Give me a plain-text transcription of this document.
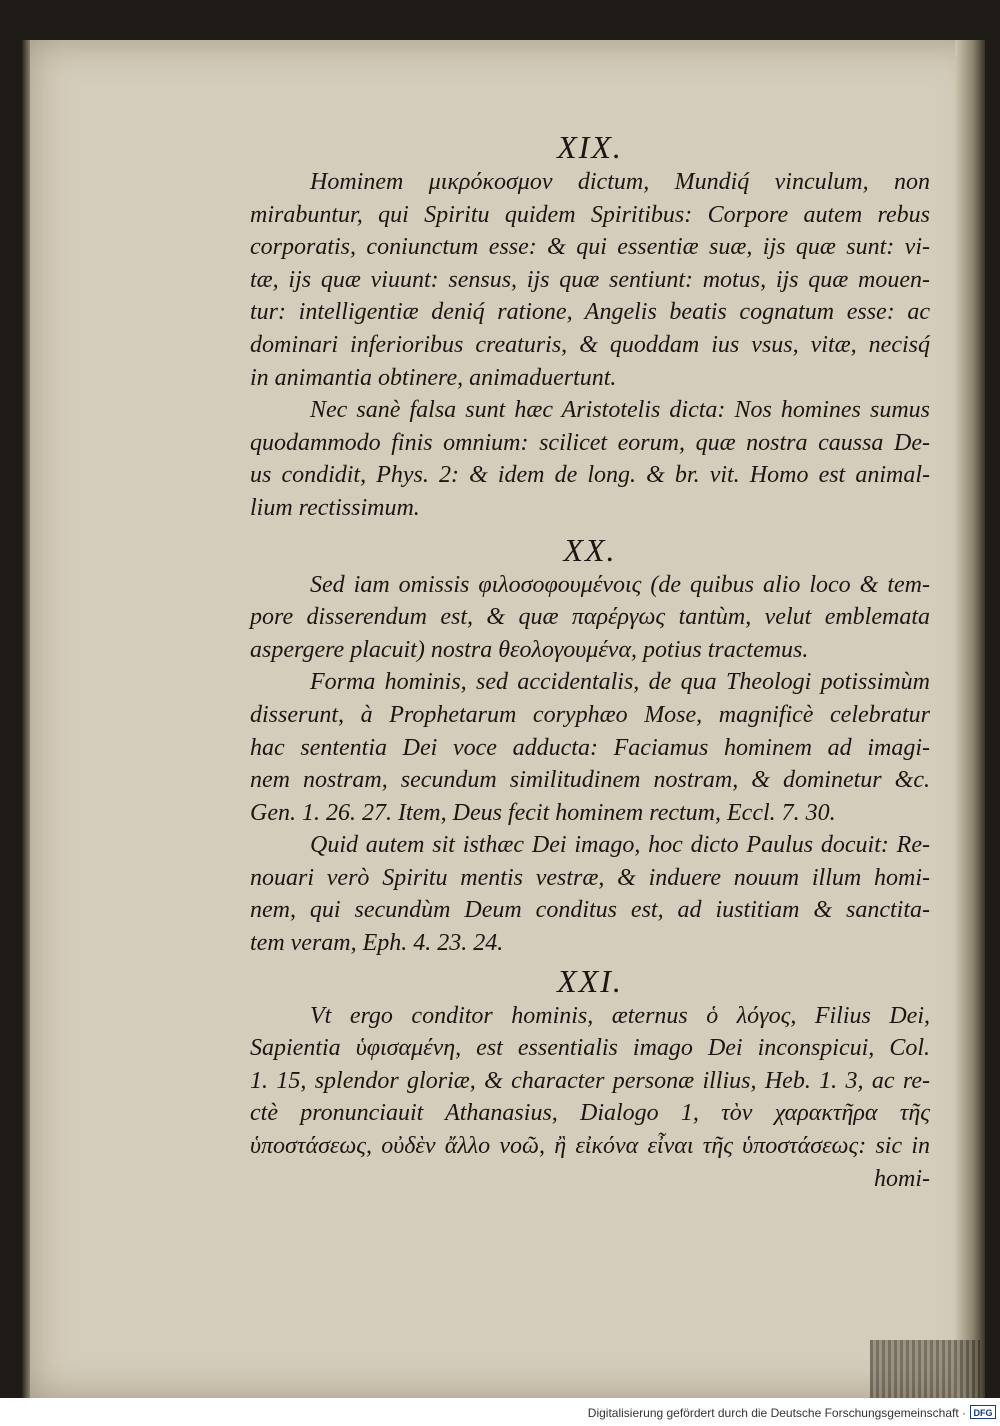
XIX.
Hominem μικρόκοσμον dictum, Mundiq́ vinculum, non
mirabuntur, qui Spiritu quidem Spiritibus: Corpore autem rebus
corporatis, coniunctum esse: & qui essentiæ suæ, ijs quæ sunt: vi-
tæ, ijs quæ viuunt: sensus, ijs quæ sentiunt: motus, ijs quæ mouen-
tur: intelligentiæ deniq́ ratione, Angelis beatis cognatum esse: ac
dominari inferioribus creaturis, & quoddam ius vsus, vitæ, necisq́
in animantia obtinere, animaduertunt.
Nec sanè falsa sunt hæc Aristotelis dicta: Nos homines sumus
quodammodo finis omnium: scilicet eorum, quæ nostra caussa De-
us condidit, Phys. 2: & idem de long. & br. vit. Homo est animal-
lium rectissimum.
XX.
Sed iam omissis φιλοσοφουμένοις (de quibus alio loco & tem-
pore disserendum est, & quæ παρέργως tantùm, velut emblemata
aspergere placuit) nostra θεολογουμένα, potius tractemus.
Forma hominis, sed accidentalis, de qua Theologi potissimùm
disserunt, à Prophetarum coryphæo Mose, magnificè celebratur
hac sententia Dei voce adducta: Faciamus hominem ad imagi-
nem nostram, secundum similitudinem nostram, & dominetur &c.
Gen. 1. 26. 27. Item, Deus fecit hominem rectum, Eccl. 7. 30.
Quid autem sit isthæc Dei imago, hoc dicto Paulus docuit: Re-
nouari verò Spiritu mentis vestræ, & induere nouum illum homi-
nem, qui secundùm Deum conditus est, ad iustitiam & sanctita-
tem veram, Eph. 4. 23. 24.
XXI.
Vt ergo conditor hominis, æternus ὁ λόγος, Filius Dei,
Sapientia ὑφισαμένη, est essentialis imago Dei inconspicui, Col.
1. 15, splendor gloriæ, & character personæ illius, Heb. 1. 3, ac re-
ctè pronunciauit Athanasius, Dialogo 1, τὸν χαρακτῆρα τῆς
ὑποστάσεως, οὐδὲν ἄλλο νοῶ, ἢ εἰκόνα εἶναι τῆς ὑποστάσεως: sic in
homi-
Digitalisierung gefördert durch die Deutsche Forschungsgemeinschaft · DFG
